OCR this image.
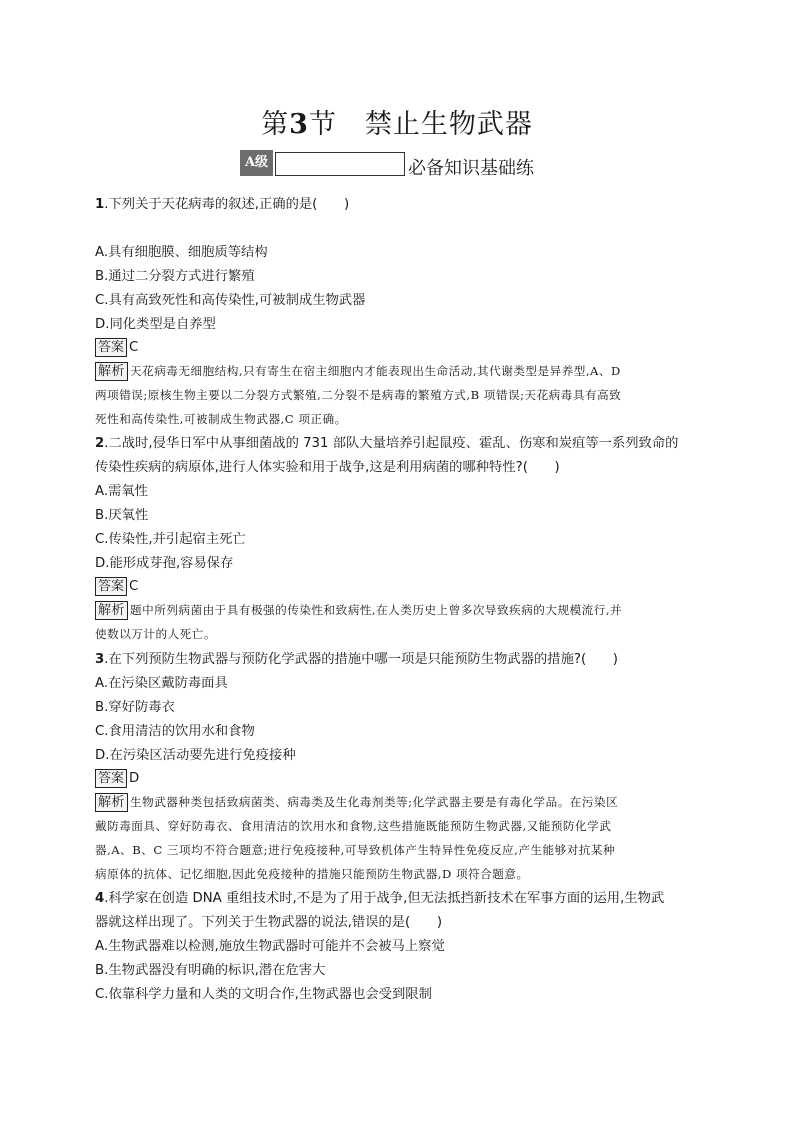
第3节　禁止生物武器
A级	必备知识基础练
1.下列关于天花病毒的叙述,正确的是(　　)
A.具有细胞膜、细胞质等结构
B.通过二分裂方式进行繁殖
C.具有高致死性和高传染性,可被制成生物武器
D.同化类型是自养型
答案 C
解析 天花病毒无细胞结构,只有寄生在宿主细胞内才能表现出生命活动,其代谢类型是异养型,A、D
两项错误;原核生物主要以二分裂方式繁殖,二分裂不是病毒的繁殖方式,B 项错误;天花病毒具有高致
死性和高传染性,可被制成生物武器,C 项正确。
2.二战时,侵华日军中从事细菌战的 731 部队大量培养引起鼠疫、霍乱、伤寒和炭疽等一系列致命的
传染性疾病的病原体,进行人体实验和用于战争,这是利用病菌的哪种特性?(　　)
A.需氧性
B.厌氧性
C.传染性,并引起宿主死亡
D.能形成芽孢,容易保存
答案 C
解析 题中所列病菌由于具有极强的传染性和致病性,在人类历史上曾多次导致疾病的大规模流行,并
使数以万计的人死亡。
3.在下列预防生物武器与预防化学武器的措施中哪一项是只能预防生物武器的措施?(　　)
A.在污染区戴防毒面具
B.穿好防毒衣
C.食用清洁的饮用水和食物
D.在污染区活动要先进行免疫接种
答案 D
解析 生物武器种类包括致病菌类、病毒类及生化毒剂类等;化学武器主要是有毒化学品。在污染区
戴防毒面具、穿好防毒衣、食用清洁的饮用水和食物,这些措施既能预防生物武器,又能预防化学武
器,A、B、C 三项均不符合题意;进行免疫接种,可导致机体产生特异性免疫反应,产生能够对抗某种
病原体的抗体、记忆细胞,因此免疫接种的措施只能预防生物武器,D 项符合题意。
4.科学家在创造 DNA 重组技术时,不是为了用于战争,但无法抵挡新技术在军事方面的运用,生物武
器就这样出现了。下列关于生物武器的说法,错误的是(　　)
A.生物武器难以检测,施放生物武器时可能并不会被马上察觉
B.生物武器没有明确的标识,潜在危害大
C.依靠科学力量和人类的文明合作,生物武器也会受到限制
